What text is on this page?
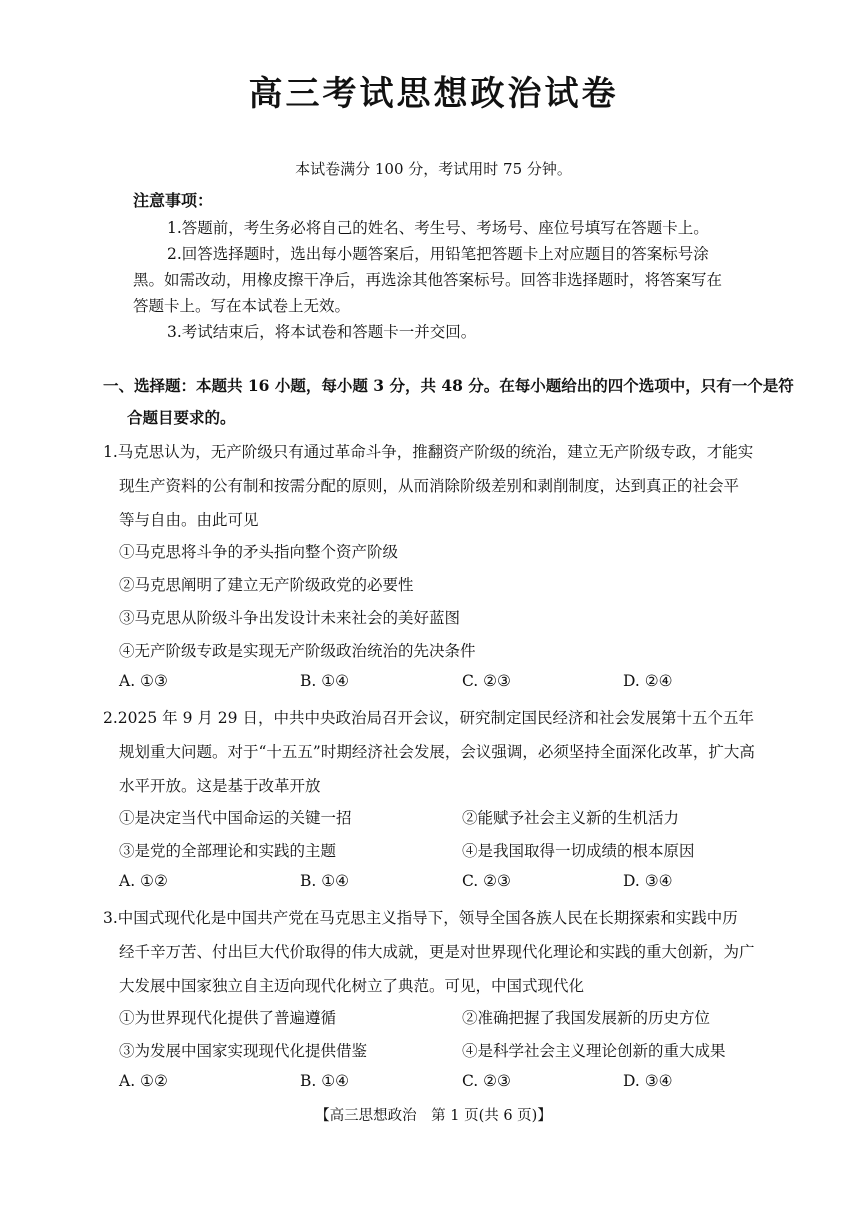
高三考试思想政治试卷
本试卷满分 100 分，考试用时 75 分钟。
注意事项：
1.答题前，考生务必将自己的姓名、考生号、考场号、座位号填写在答题卡上。
2.回答选择题时，选出每小题答案后，用铅笔把答题卡上对应题目的答案标号涂
黑。如需改动，用橡皮擦干净后，再选涂其他答案标号。回答非选择题时，将答案写在
答题卡上。写在本试卷上无效。
3.考试结束后，将本试卷和答题卡一并交回。
一、选择题：本题共 16 小题，每小题 3 分，共 48 分。在每小题给出的四个选项中，只有一个是符
合题目要求的。
1.马克思认为，无产阶级只有通过革命斗争，推翻资产阶级的统治，建立无产阶级专政，才能实
现生产资料的公有制和按需分配的原则，从而消除阶级差别和剥削制度，达到真正的社会平
等与自由。由此可见
①马克思将斗争的矛头指向整个资产阶级
②马克思阐明了建立无产阶级政党的必要性
③马克思从阶级斗争出发设计未来社会的美好蓝图
④无产阶级专政是实现无产阶级政治统治的先决条件
A. ①③	B. ①④	C. ②③	D. ②④
2.2025 年 9 月 29 日，中共中央政治局召开会议，研究制定国民经济和社会发展第十五个五年
规划重大问题。对于“十五五”时期经济社会发展，会议强调，必须坚持全面深化改革，扩大高
水平开放。这是基于改革开放
①是决定当代中国命运的关键一招	②能赋予社会主义新的生机活力
③是党的全部理论和实践的主题	④是我国取得一切成绩的根本原因
A. ①②	B. ①④	C. ②③	D. ③④
3.中国式现代化是中国共产党在马克思主义指导下，领导全国各族人民在长期探索和实践中历
经千辛万苦、付出巨大代价取得的伟大成就，更是对世界现代化理论和实践的重大创新，为广
大发展中国家独立自主迈向现代化树立了典范。可见，中国式现代化
①为世界现代化提供了普遍遵循	②准确把握了我国发展新的历史方位
③为发展中国家实现现代化提供借鉴	④是科学社会主义理论创新的重大成果
A. ①②	B. ①④	C. ②③	D. ③④
【高三思想政治　第 1 页(共 6 页)】
